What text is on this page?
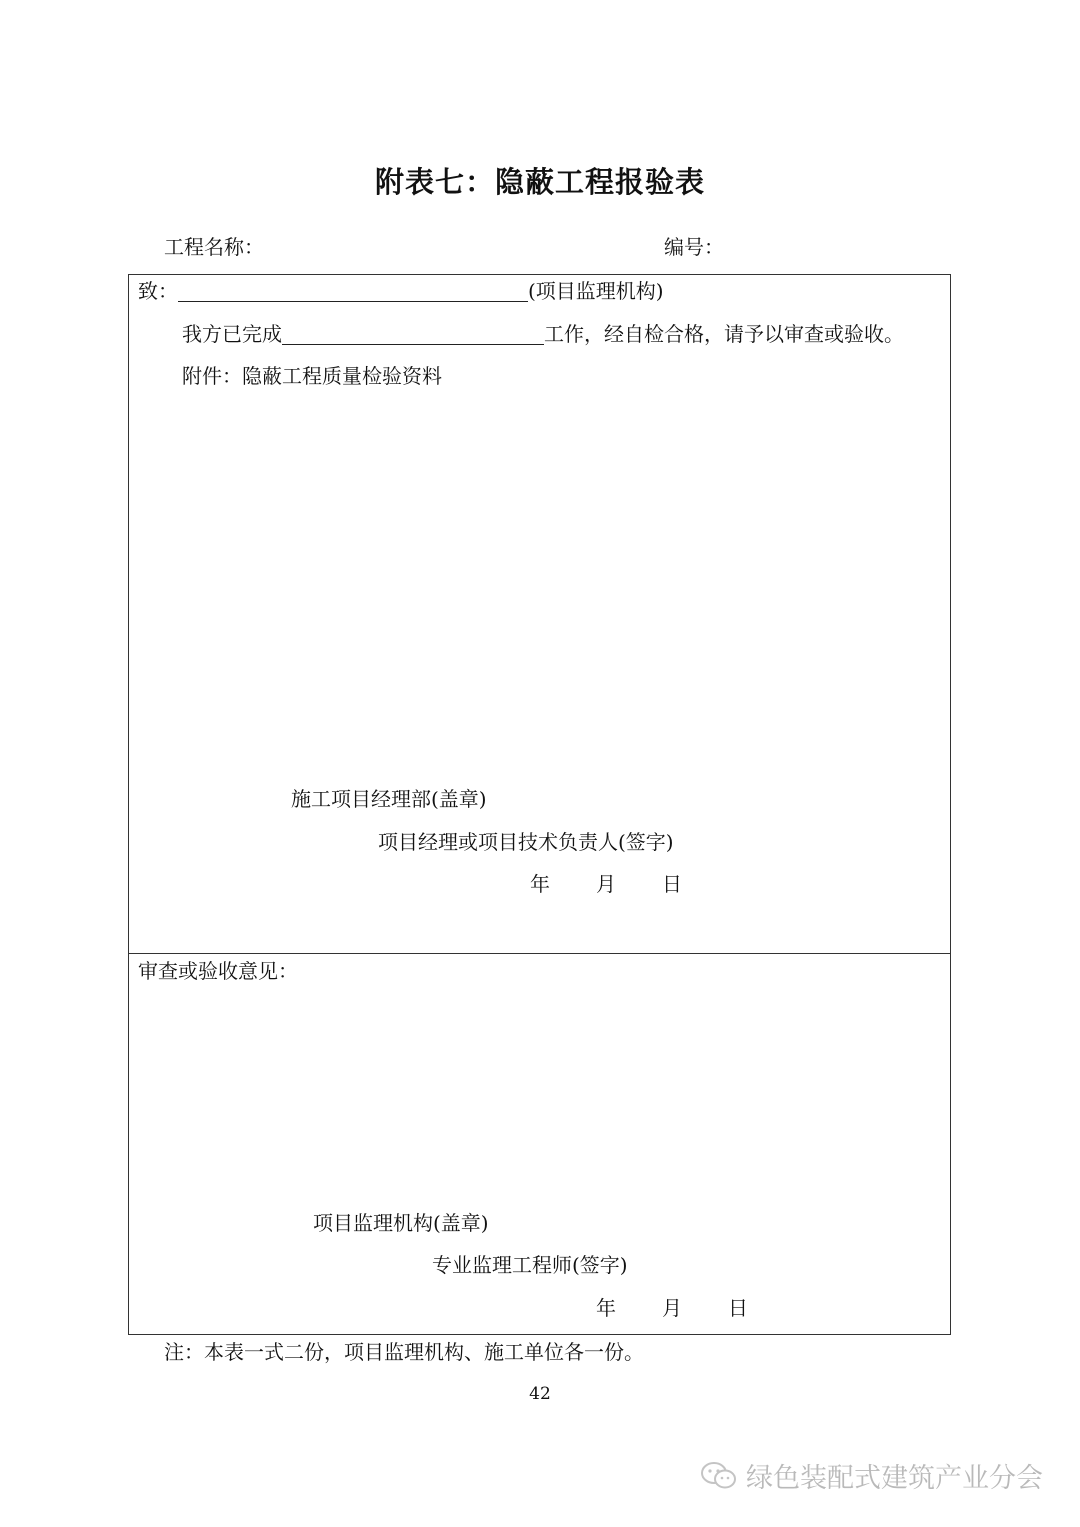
附表七：隐蔽工程报验表
工程名称：	编号：
致：	(项目监理机构)
我方已完成	工作，经自检合格，请予以审查或验收。
附件：隐蔽工程质量检验资料
施工项目经理部(盖章)
项目经理或项目技术负责人(签字)
年 月 日
审查或验收意见：
项目监理机构(盖章)
专业监理工程师(签字)
年 月 日
注：本表一式二份，项目监理机构、施工单位各一份。
42
绿色装配式建筑产业分会
